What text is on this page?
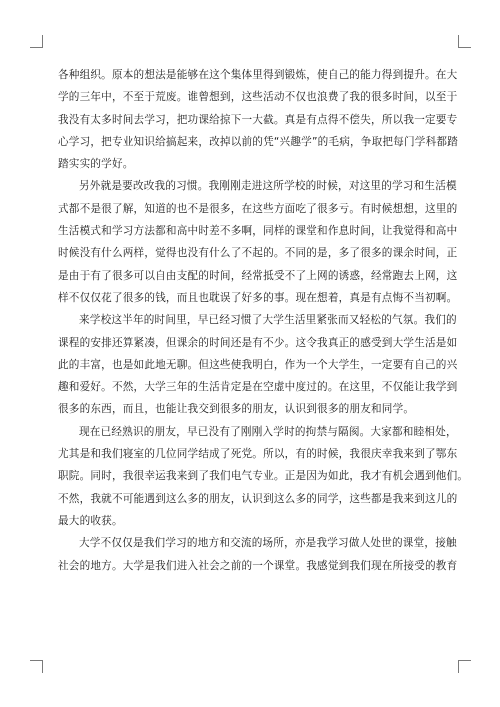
各种组织。原本的想法是能够在这个集体里得到锻炼，使自己的能力得到提升。在大
学的三年中，不至于荒废。谁曾想到，这些活动不仅也浪费了我的很多时间，以至于
我没有太多时间去学习，把功课给掠下一大截。真是有点得不偿失，所以我一定要专
心学习，把专业知识给搞起来，改掉以前的凭“兴趣学”的毛病，争取把每门学科都踏
踏实实的学好。

另外就是要改改我的习惯。我刚刚走进这所学校的时候，对这里的学习和生活模
式都不是很了解，知道的也不是很多，在这些方面吃了很多亏。有时候想想，这里的
生活模式和学习方法都和高中时差不多啊，同样的课堂和作息时间，让我觉得和高中
时候没有什么两样，觉得也没有什么了不起的。不同的是，多了很多的课余时间，正
是由于有了很多可以自由支配的时间，经常抵受不了上网的诱惑，经常跑去上网，这
样不仅仅花了很多的钱，而且也耽误了好多的事。现在想着，真是有点悔不当初啊。

来学校这半年的时间里，早已经习惯了大学生活里紧张而又轻松的气氛。我们的
课程的安排还算紧凑，但课余的时间还是有不少。这令我真正的感受到大学生活是如
此的丰富，也是如此地无聊。但这些使我明白，作为一个大学生，一定要有自己的兴
趣和爱好。不然，大学三年的生活肯定是在空虚中度过的。在这里，不仅能让我学到
很多的东西，而且，也能让我交到很多的朋友，认识到很多的朋友和同学。

现在已经熟识的朋友，早已没有了刚刚入学时的拘禁与隔阂。大家都和睦相处，
尤其是和我们寝室的几位同学结成了死党。所以，有的时候，我很庆幸我来到了鄂东
职院。同时，我很幸运我来到了我们电气专业。正是因为如此，我才有机会遇到他们。
不然，我就不可能遇到这么多的朋友，认识到这么多的同学，这些都是我来到这儿的
最大的收获。

大学不仅仅是我们学习的地方和交流的场所，亦是我学习做人处世的课堂，接触
社会的地方。大学是我们进入社会之前的一个课堂。我感觉到我们现在所接受的教育
